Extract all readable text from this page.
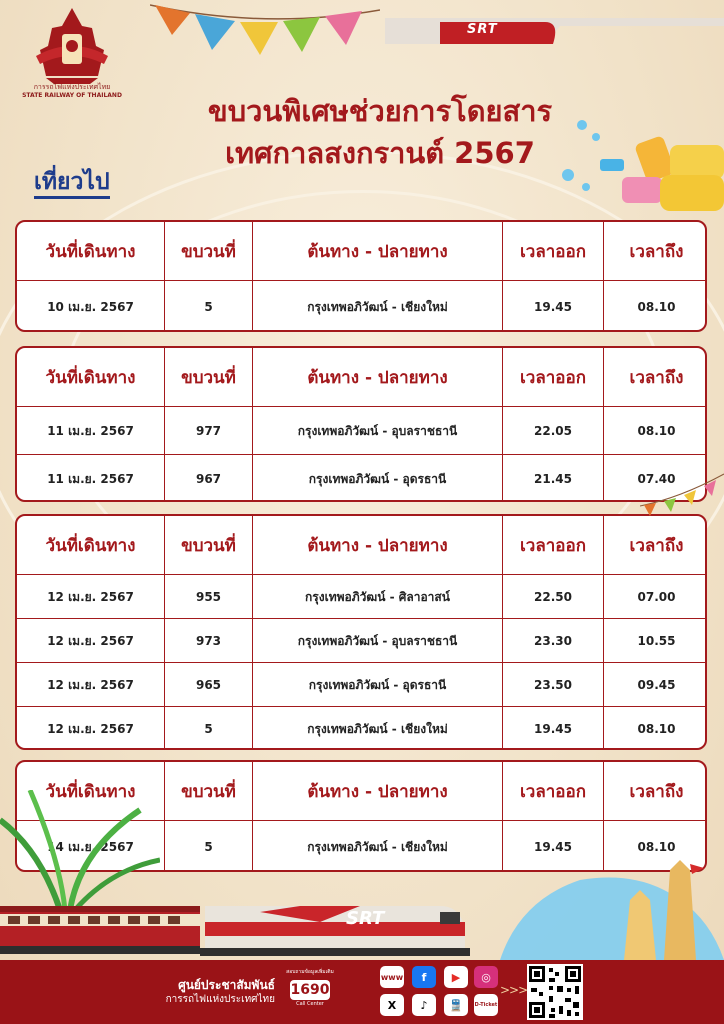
SRT
การรถไฟแห่งประเทศไทย
STATE RAILWAY OF THAILAND	ขบวนพิเศษช่วยการโดยสาร
เทศกาลสงกรานต์ 2567
เที่ยวไป
วันที่เดินทาง	ขบวนที่	ต้นทาง - ปลายทาง	เวลาออก	เวลาถึง
10 เม.ย. 2567	5	กรุงเทพอภิวัฒน์ - เชียงใหม่	19.45	08.10
วันที่เดินทาง	ขบวนที่	ต้นทาง - ปลายทาง	เวลาออก	เวลาถึง
11 เม.ย. 2567	977	กรุงเทพอภิวัฒน์ - อุบลราชธานี	22.05	08.10
11 เม.ย. 2567	967	กรุงเทพอภิวัฒน์ - อุดรธานี	21.45	07.40
วันที่เดินทาง	ขบวนที่	ต้นทาง - ปลายทาง	เวลาออก	เวลาถึง
12 เม.ย. 2567	955	กรุงเทพอภิวัฒน์ - ศิลาอาสน์	22.50	07.00
12 เม.ย. 2567	973	กรุงเทพอภิวัฒน์ - อุบลราชธานี	23.30	10.55
12 เม.ย. 2567	965	กรุงเทพอภิวัฒน์ - อุดรธานี	23.50	09.45
12 เม.ย. 2567	5	กรุงเทพอภิวัฒน์ - เชียงใหม่	19.45	08.10
วันที่เดินทาง	ขบวนที่	ต้นทาง - ปลายทาง	เวลาออก	เวลาถึง
14 เม.ย. 2567	5	กรุงเทพอภิวัฒน์ - เชียงใหม่	19.45	08.10
SRT
ศูนย์ประชาสัมพันธ์
การรถไฟแห่งประเทศไทย
สอบถามข้อมูลเพิ่มเติม
1690
Call Center
www	f	▶	◎
X	♪	🚆	D-Ticket
>>>
